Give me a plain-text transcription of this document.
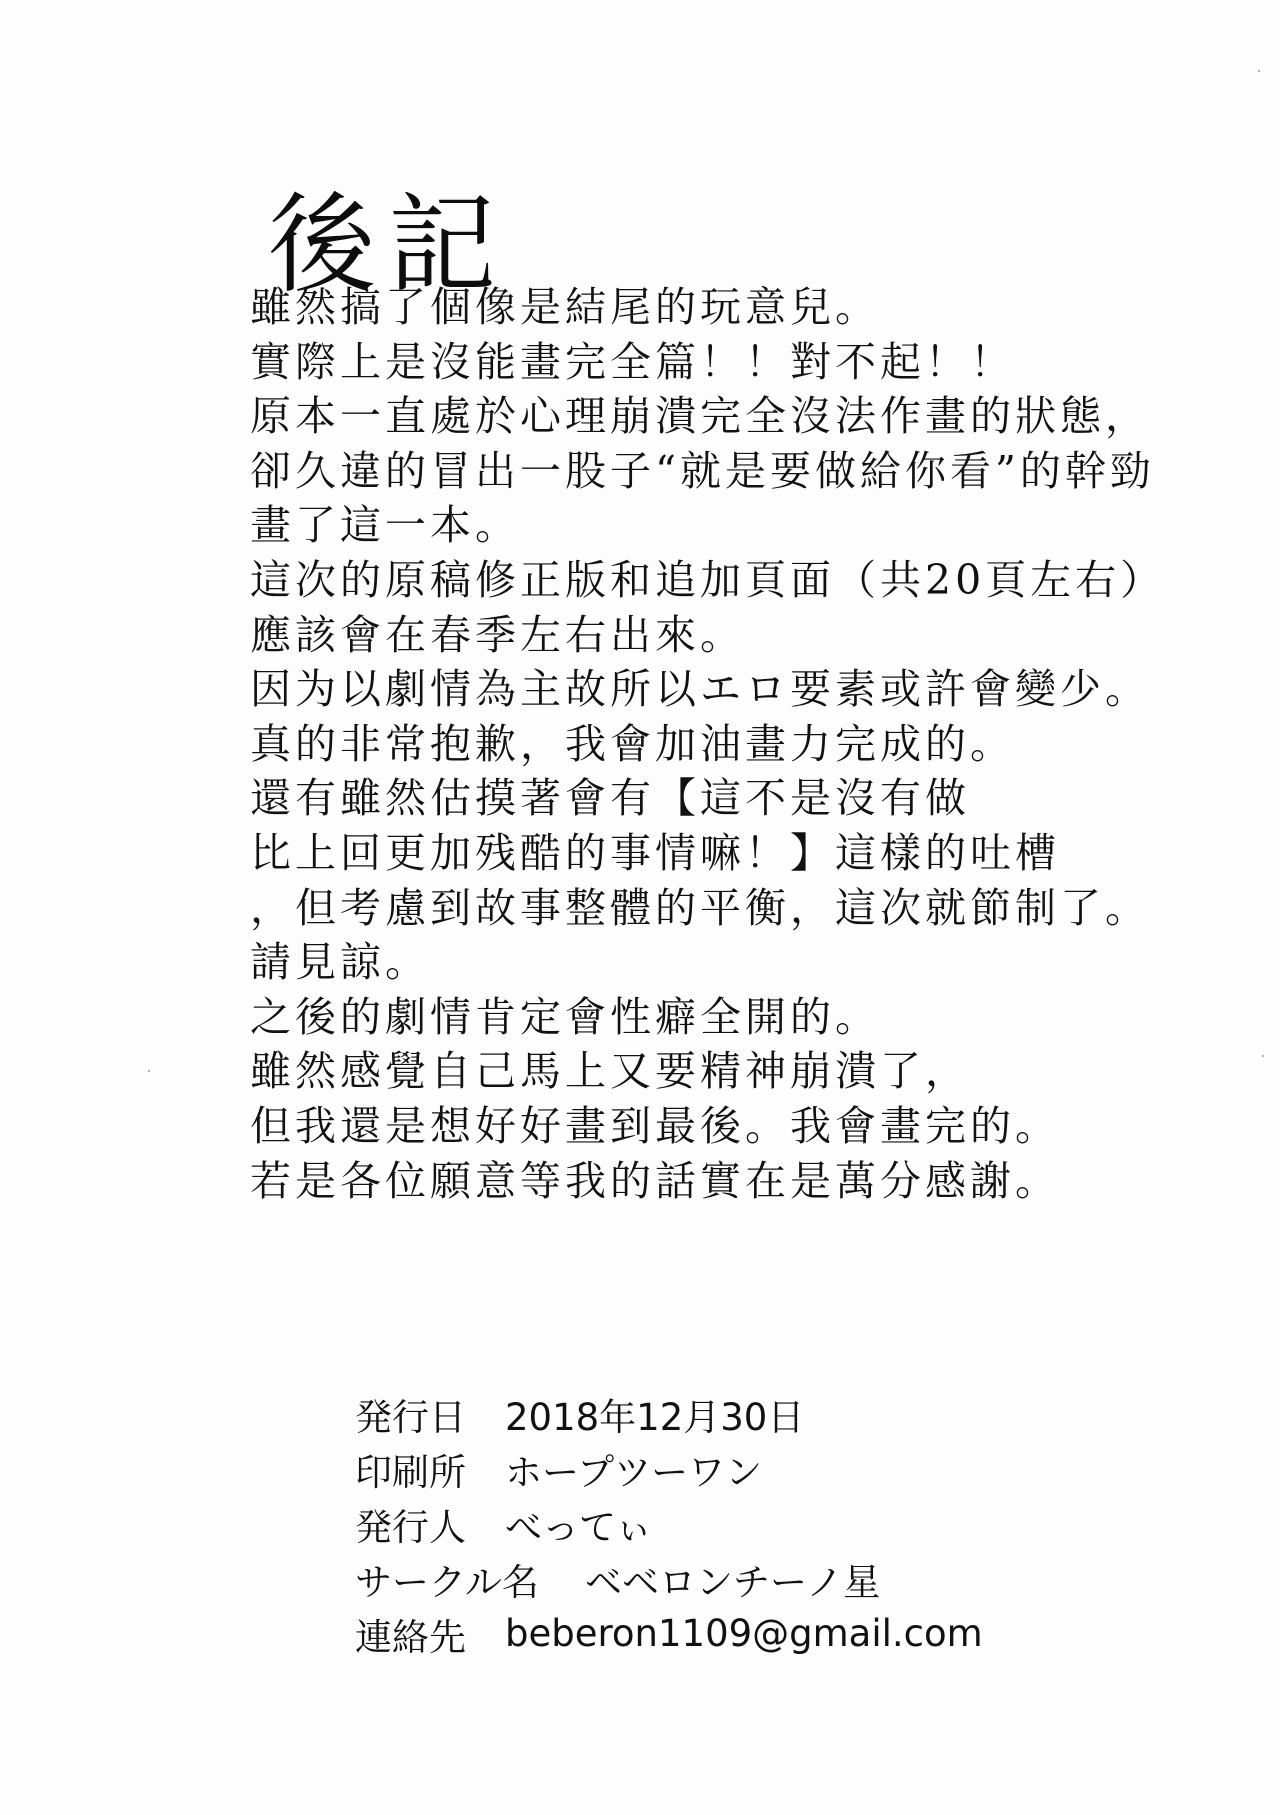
後記
雖然搞了個像是結尾的玩意兒。
實際上是沒能畫完全篇！！對不起！！
原本一直處於心理崩潰完全沒法作畫的狀態，
卻久違的冒出一股子“就是要做給你看”的幹勁
畫了這一本。
這次的原稿修正版和追加頁面（共20頁左右）
應該會在春季左右出來。
因为以劇情為主故所以エロ要素或許會變少。
真的非常抱歉，我會加油畫力完成的。
還有雖然估摸著會有【這不是沒有做
比上回更加残酷的事情嘛！】這樣的吐槽
，但考慮到故事整體的平衡，這次就節制了。
請見諒。
之後的劇情肯定會性癖全開的。
雖然感覺自己馬上又要精神崩潰了，
但我還是想好好畫到最後。我會畫完的。
若是各位願意等我的話實在是萬分感謝。
発行日	2018年12月30日
印刷所	ホープツーワン
発行人	べってぃ
サークル名	ベベロンチーノ星
連絡先	beberon1109@gmail.com
